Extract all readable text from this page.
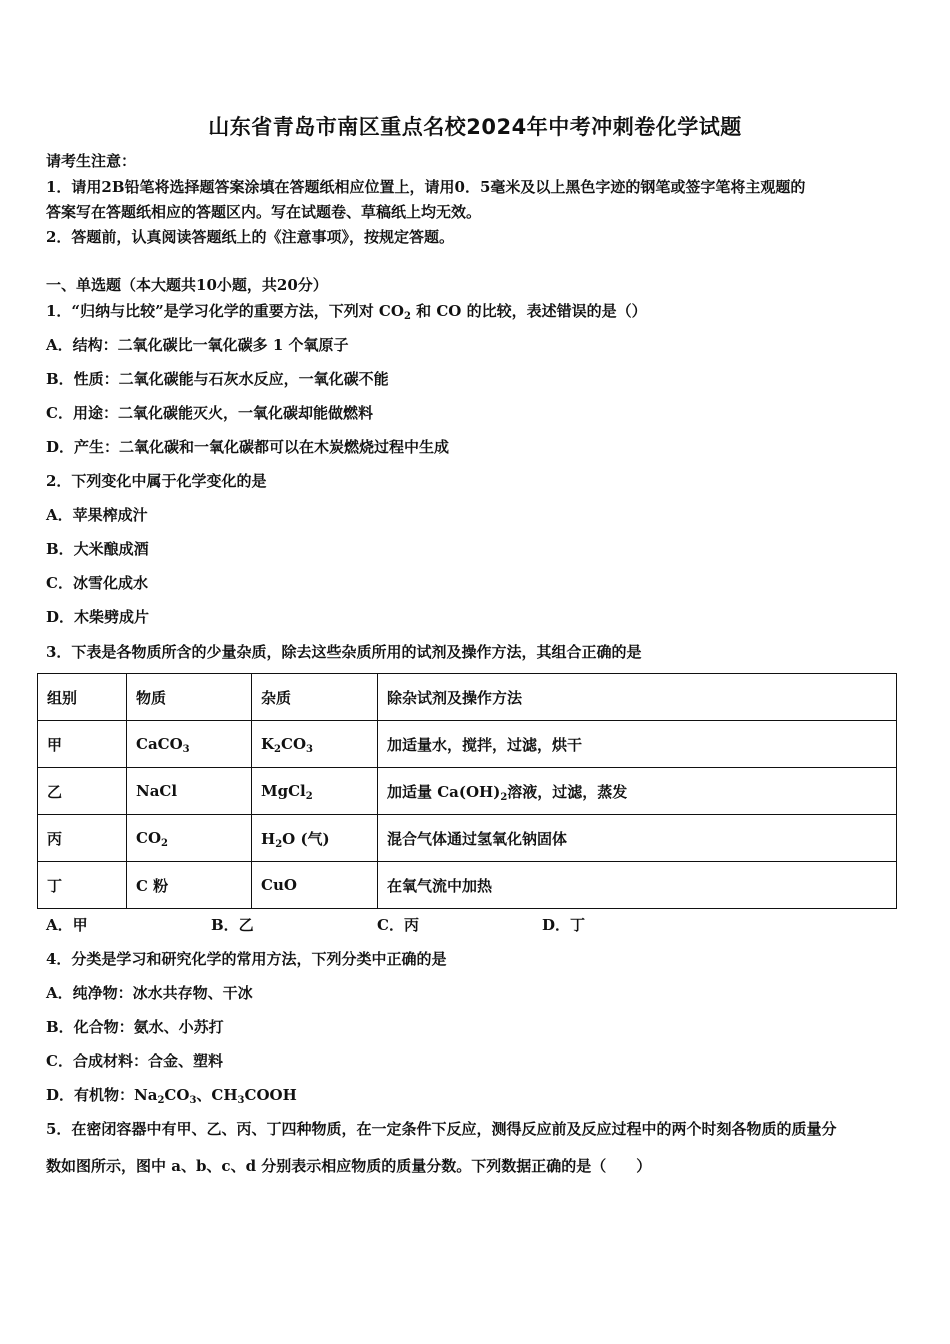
山东省青岛市南区重点名校2024年中考冲刺卷化学试题
请考生注意：
1．请用2B铅笔将选择题答案涂填在答题纸相应位置上，请用0．5毫米及以上黑色字迹的钢笔或签字笔将主观题的
答案写在答题纸相应的答题区内。写在试题卷、草稿纸上均无效。
2．答题前，认真阅读答题纸上的《注意事项》，按规定答题。
一、单选题（本大题共10小题，共20分）
1．“归纳与比较”是学习化学的重要方法，下列对 $CO_2$ 和 CO 的比较，表述错误的是（）
A．结构：二氧化碳比一氧化碳多 1 个氧原子
B．性质：二氧化碳能与石灰水反应，一氧化碳不能
C．用途：二氧化碳能灭火，一氧化碳却能做燃料
D．产生：二氧化碳和一氧化碳都可以在木炭燃烧过程中生成
2．下列变化中属于化学变化的是
A．苹果榨成汁
B．大米酿成酒
C．冰雪化成水
D．木柴劈成片
3．下表是各物质所含的少量杂质，除去这些杂质所用的试剂及操作方法，其组合正确的是
组别	物质	杂质	除杂试剂及操作方法
甲	CaCO$_3$	$K_2CO_3$	加适量水，搅拌，过滤，烘干
乙	NaCl	MgCl$_2$	加适量 $Ca(OH)_2$溶液，过滤，蒸发
丙	$CO_2$	$H_2O$ (气)	混合气体通过氢氧化钠固体
丁	C 粉	CuO	在氧气流中加热
A．甲	B．乙	C．丙	D．丁
4．分类是学习和研究化学的常用方法，下列分类中正确的是
A．纯净物：冰水共存物、干冰
B．化合物：氨水、小苏打
C．合成材料：合金、塑料
D．有机物：$Na_2CO_3$、$CH_3COOH$
5．在密闭容器中有甲、乙、丙、丁四种物质，在一定条件下反应，测得反应前及反应过程中的两个时刻各物质的质量分
数如图所示，图中 a、b、c、d 分别表示相应物质的质量分数。下列数据正确的是（　　）
